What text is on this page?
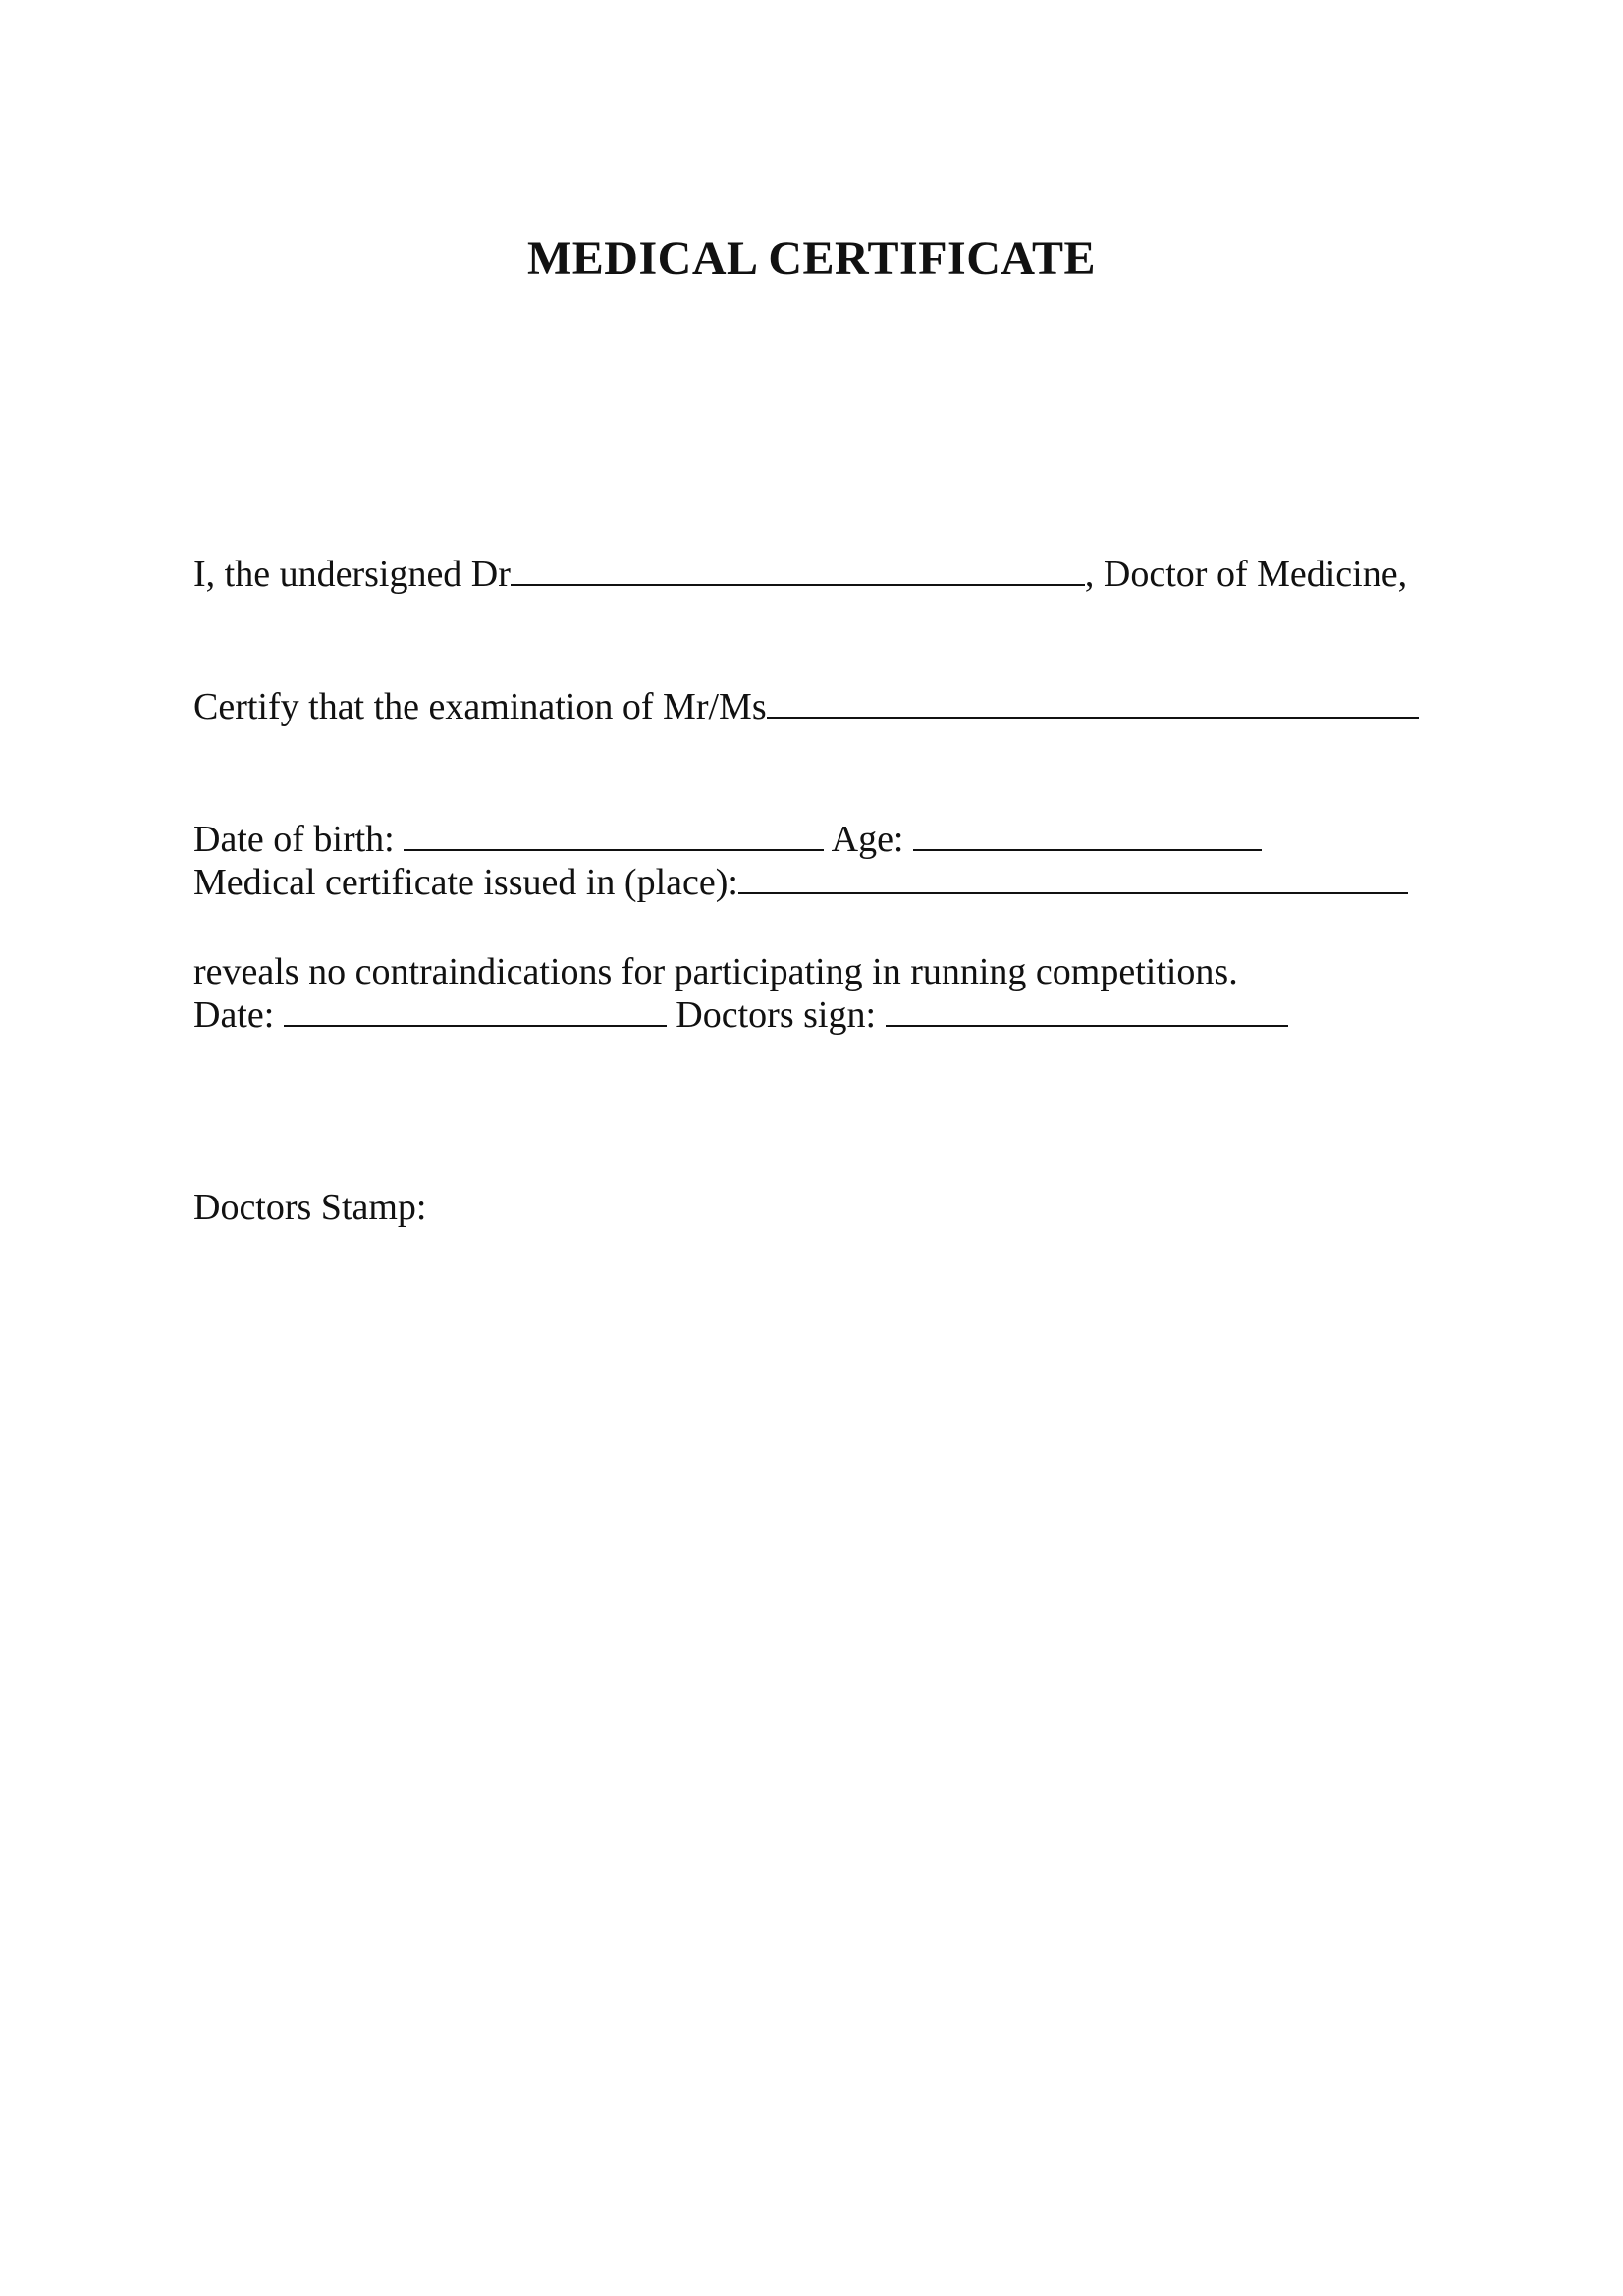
MEDICAL CERTIFICATE

I, the undersigned Dr	, Doctor of Medicine,

Certify that the examination of Mr/Ms

Date of birth:	Age:

reveals no contraindications for participating in running competitions.

Medical certificate issued in (place):

Date:	Doctors sign:

Doctors Stamp:
